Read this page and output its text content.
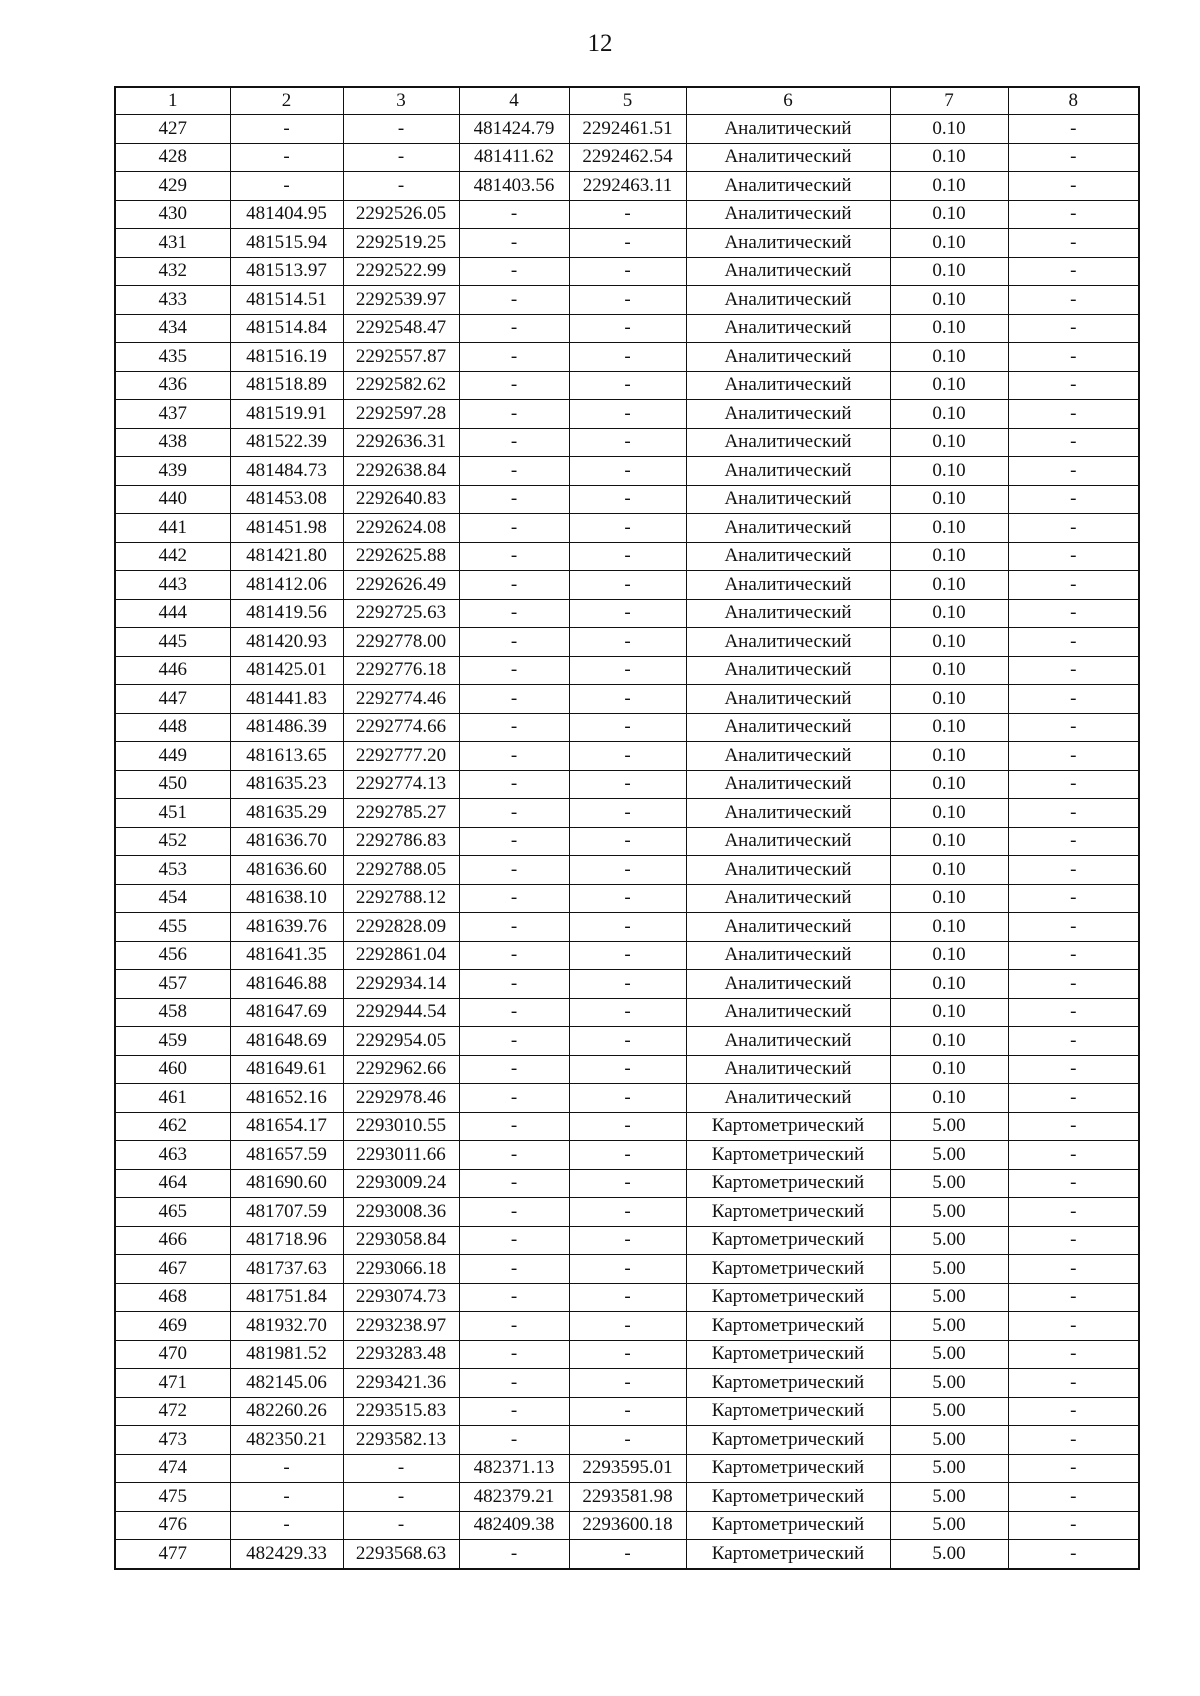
12
1	2	3	4	5	6	7	8
427	-	-	481424.79	2292461.51	Аналитический	0.10	-
428	-	-	481411.62	2292462.54	Аналитический	0.10	-
429	-	-	481403.56	2292463.11	Аналитический	0.10	-
430	481404.95	2292526.05	-	-	Аналитический	0.10	-
431	481515.94	2292519.25	-	-	Аналитический	0.10	-
432	481513.97	2292522.99	-	-	Аналитический	0.10	-
433	481514.51	2292539.97	-	-	Аналитический	0.10	-
434	481514.84	2292548.47	-	-	Аналитический	0.10	-
435	481516.19	2292557.87	-	-	Аналитический	0.10	-
436	481518.89	2292582.62	-	-	Аналитический	0.10	-
437	481519.91	2292597.28	-	-	Аналитический	0.10	-
438	481522.39	2292636.31	-	-	Аналитический	0.10	-
439	481484.73	2292638.84	-	-	Аналитический	0.10	-
440	481453.08	2292640.83	-	-	Аналитический	0.10	-
441	481451.98	2292624.08	-	-	Аналитический	0.10	-
442	481421.80	2292625.88	-	-	Аналитический	0.10	-
443	481412.06	2292626.49	-	-	Аналитический	0.10	-
444	481419.56	2292725.63	-	-	Аналитический	0.10	-
445	481420.93	2292778.00	-	-	Аналитический	0.10	-
446	481425.01	2292776.18	-	-	Аналитический	0.10	-
447	481441.83	2292774.46	-	-	Аналитический	0.10	-
448	481486.39	2292774.66	-	-	Аналитический	0.10	-
449	481613.65	2292777.20	-	-	Аналитический	0.10	-
450	481635.23	2292774.13	-	-	Аналитический	0.10	-
451	481635.29	2292785.27	-	-	Аналитический	0.10	-
452	481636.70	2292786.83	-	-	Аналитический	0.10	-
453	481636.60	2292788.05	-	-	Аналитический	0.10	-
454	481638.10	2292788.12	-	-	Аналитический	0.10	-
455	481639.76	2292828.09	-	-	Аналитический	0.10	-
456	481641.35	2292861.04	-	-	Аналитический	0.10	-
457	481646.88	2292934.14	-	-	Аналитический	0.10	-
458	481647.69	2292944.54	-	-	Аналитический	0.10	-
459	481648.69	2292954.05	-	-	Аналитический	0.10	-
460	481649.61	2292962.66	-	-	Аналитический	0.10	-
461	481652.16	2292978.46	-	-	Аналитический	0.10	-
462	481654.17	2293010.55	-	-	Картометрический	5.00	-
463	481657.59	2293011.66	-	-	Картометрический	5.00	-
464	481690.60	2293009.24	-	-	Картометрический	5.00	-
465	481707.59	2293008.36	-	-	Картометрический	5.00	-
466	481718.96	2293058.84	-	-	Картометрический	5.00	-
467	481737.63	2293066.18	-	-	Картометрический	5.00	-
468	481751.84	2293074.73	-	-	Картометрический	5.00	-
469	481932.70	2293238.97	-	-	Картометрический	5.00	-
470	481981.52	2293283.48	-	-	Картометрический	5.00	-
471	482145.06	2293421.36	-	-	Картометрический	5.00	-
472	482260.26	2293515.83	-	-	Картометрический	5.00	-
473	482350.21	2293582.13	-	-	Картометрический	5.00	-
474	-	-	482371.13	2293595.01	Картометрический	5.00	-
475	-	-	482379.21	2293581.98	Картометрический	5.00	-
476	-	-	482409.38	2293600.18	Картометрический	5.00	-
477	482429.33	2293568.63	-	-	Картометрический	5.00	-
